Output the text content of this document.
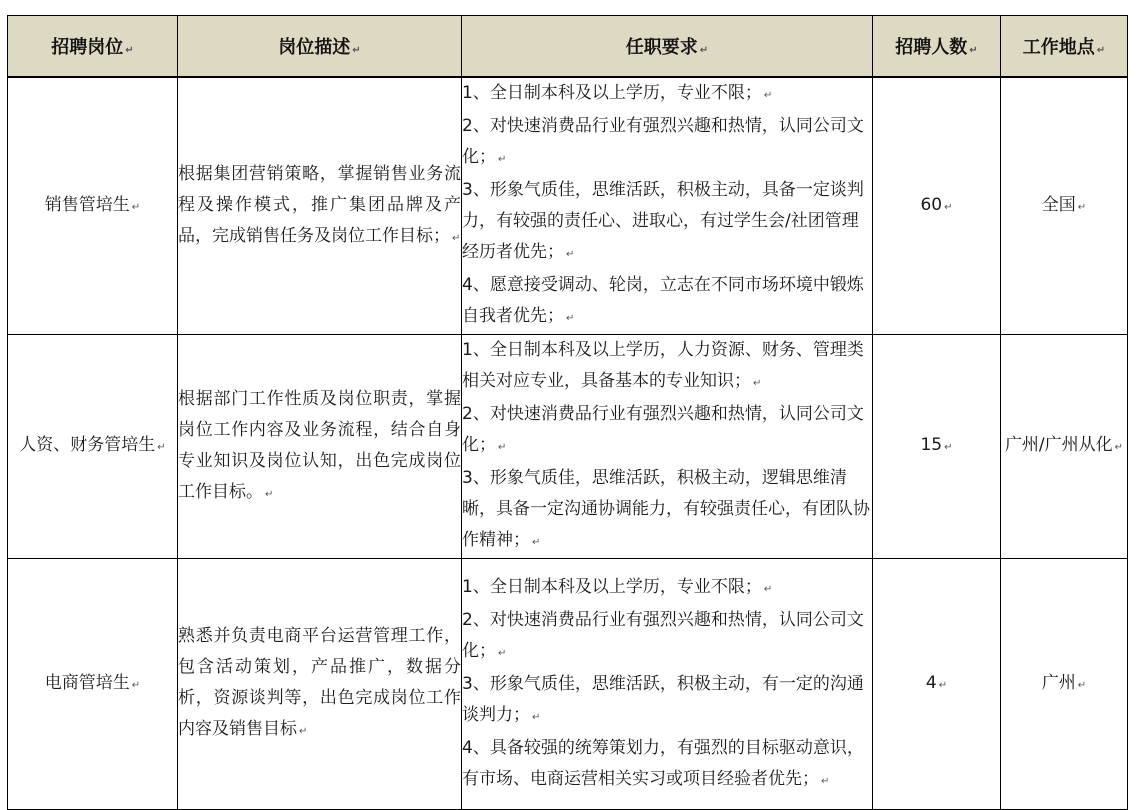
招聘岗位 ↵	岗位描述 ↵	任职要求 ↵	招聘人数 ↵	工作地点 ↵
销售管培生 ↵	根据集团营销策略，掌握销售业务流程及操作模式，推广集团品牌及产品，完成销售任务及岗位工作目标； ↵	1、全日制本科及以上学历，专业不限； ↵
2、对快速消费品行业有强烈兴趣和热情，认同公司文化； ↵
3、形象气质佳，思维活跃，积极主动，具备一定谈判力，有较强的责任心、进取心，有过学生会/社团管理经历者优先； ↵
4、愿意接受调动、轮岗，立志在不同市场环境中锻炼自我者优先； ↵	60 ↵	全国 ↵
人资、财务管培生 ↵	根据部门工作性质及岗位职责，掌握岗位工作内容及业务流程，结合自身专业知识及岗位认知，出色完成岗位工作目标。 ↵	1、全日制本科及以上学历，人力资源、财务、管理类相关对应专业，具备基本的专业知识； ↵
2、对快速消费品行业有强烈兴趣和热情，认同公司文化； ↵
3、形象气质佳，思维活跃，积极主动，逻辑思维清晰，具备一定沟通协调能力，有较强责任心，有团队协作精神； ↵	15 ↵	广州/广州从化 ↵
电商管培生 ↵	熟悉并负责电商平台运营管理工作，包含活动策划，产品推广，数据分析，资源谈判等，出色完成岗位工作内容及销售目标 ↵	1、全日制本科及以上学历，专业不限； ↵
2、对快速消费品行业有强烈兴趣和热情，认同公司文化； ↵
3、形象气质佳，思维活跃，积极主动，有一定的沟通谈判力； ↵
4、具备较强的统筹策划力，有强烈的目标驱动意识，有市场、电商运营相关实习或项目经验者优先； ↵	4 ↵	广州 ↵
